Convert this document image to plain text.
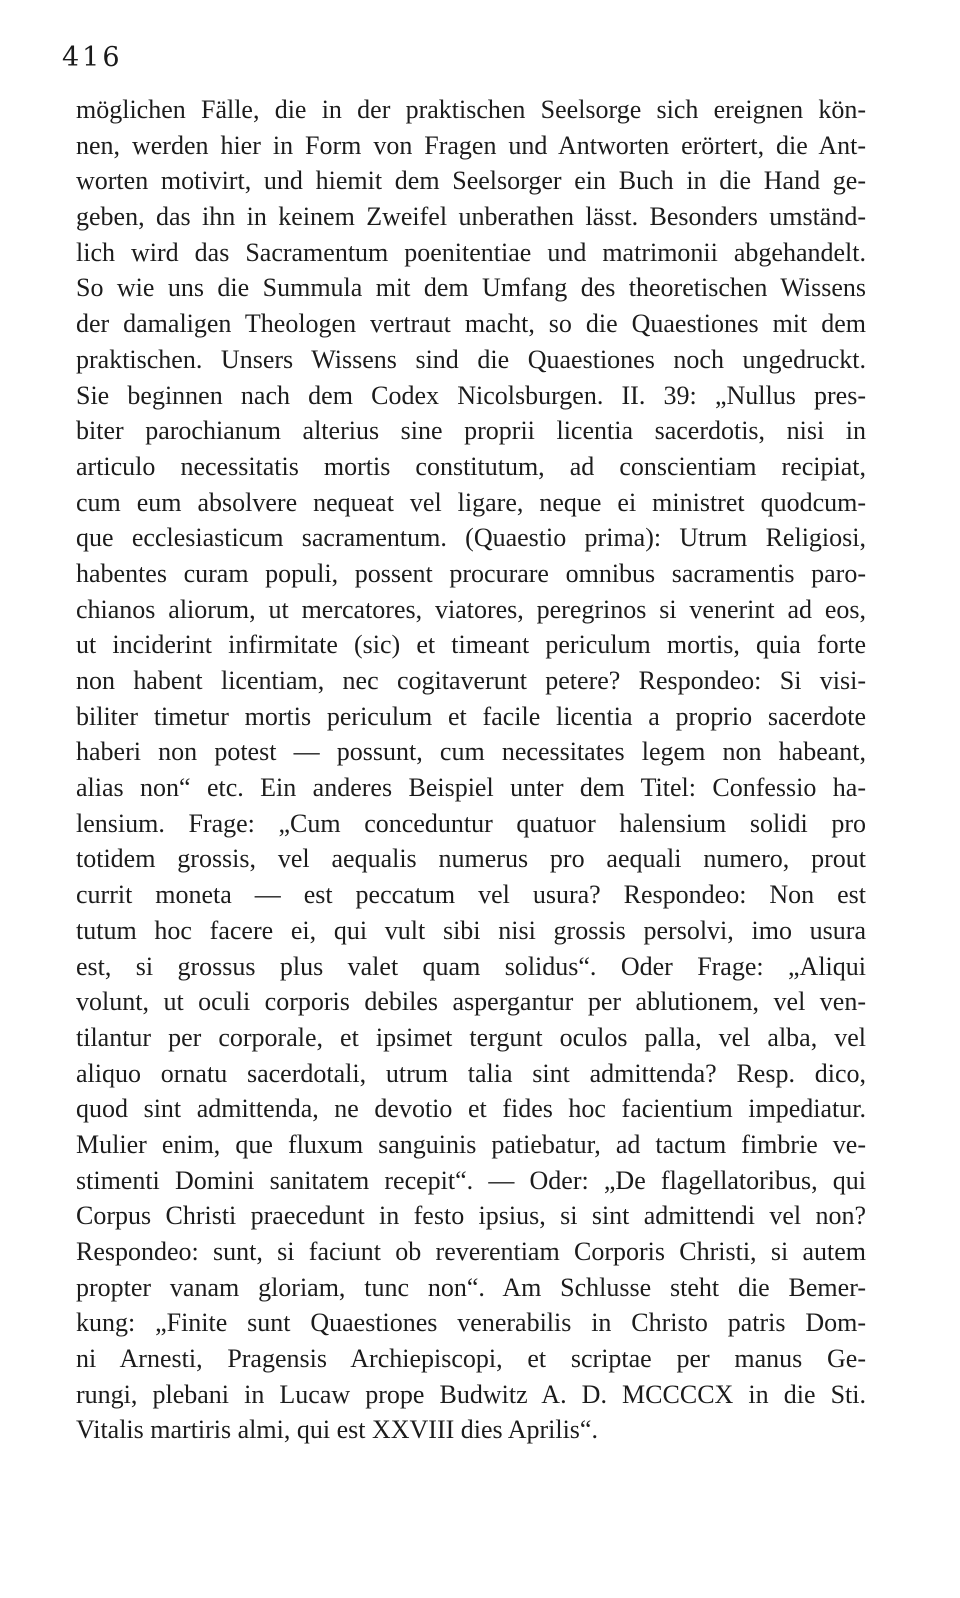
416
möglichen Fälle, die in der praktischen Seelsorge sich ereignen kön-
nen, werden hier in Form von Fragen und Antworten erörtert, die Ant-
worten motivirt, und hiemit dem Seelsorger ein Buch in die Hand ge-
geben, das ihn in keinem Zweifel unberathen lässt. Besonders umständ-
lich wird das Sacramentum poenitentiae und matrimonii abgehandelt.
So wie uns die Summula mit dem Umfang des theoretischen Wissens
der damaligen Theologen vertraut macht, so die Quaestiones mit dem
praktischen. Unsers Wissens sind die Quaestiones noch ungedruckt.
Sie beginnen nach dem Codex Nicolsburgen. II. 39: „Nullus pres-
biter parochianum alterius sine proprii licentia sacerdotis, nisi in
articulo necessitatis mortis constitutum, ad conscientiam recipiat,
cum eum absolvere nequeat vel ligare, neque ei ministret quodcum-
que ecclesiasticum sacramentum. (Quaestio prima): Utrum Religiosi,
habentes curam populi, possent procurare omnibus sacramentis paro-
chianos aliorum, ut mercatores, viatores, peregrinos si venerint ad eos,
ut inciderint infirmitate (sic) et timeant periculum mortis, quia forte
non habent licentiam, nec cogitaverunt petere? Respondeo: Si visi-
biliter timetur mortis periculum et facile licentia a proprio sacerdote
haberi non potest — possunt, cum necessitates legem non habeant,
alias non“ etc. Ein anderes Beispiel unter dem Titel: Confessio ha-
lensium. Frage: „Cum conceduntur quatuor halensium solidi pro
totidem grossis, vel aequalis numerus pro aequali numero, prout
currit moneta — est peccatum vel usura? Respondeo: Non est
tutum hoc facere ei, qui vult sibi nisi grossis persolvi, imo usura
est, si grossus plus valet quam solidus“. Oder Frage: „Aliqui
volunt, ut oculi corporis debiles aspergantur per ablutionem, vel ven-
tilantur per corporale, et ipsimet tergunt oculos palla, vel alba, vel
aliquo ornatu sacerdotali, utrum talia sint admittenda? Resp. dico,
quod sint admittenda, ne devotio et fides hoc facientium impediatur.
Mulier enim, que fluxum sanguinis patiebatur, ad tactum fimbrie ve-
stimenti Domini sanitatem recepit“. — Oder: „De flagellatoribus, qui
Corpus Christi praecedunt in festo ipsius, si sint admittendi vel non?
Respondeo: sunt, si faciunt ob reverentiam Corporis Christi, si autem
propter vanam gloriam, tunc non“. Am Schlusse steht die Bemer-
kung: „Finite sunt Quaestiones venerabilis in Christo patris Dom-
ni Arnesti, Pragensis Archiepiscopi, et scriptae per manus Ge-
rungi, plebani in Lucaw prope Budwitz A. D. MCCCCX in die Sti.
Vitalis martiris almi, qui est XXVIII dies Aprilis“.
